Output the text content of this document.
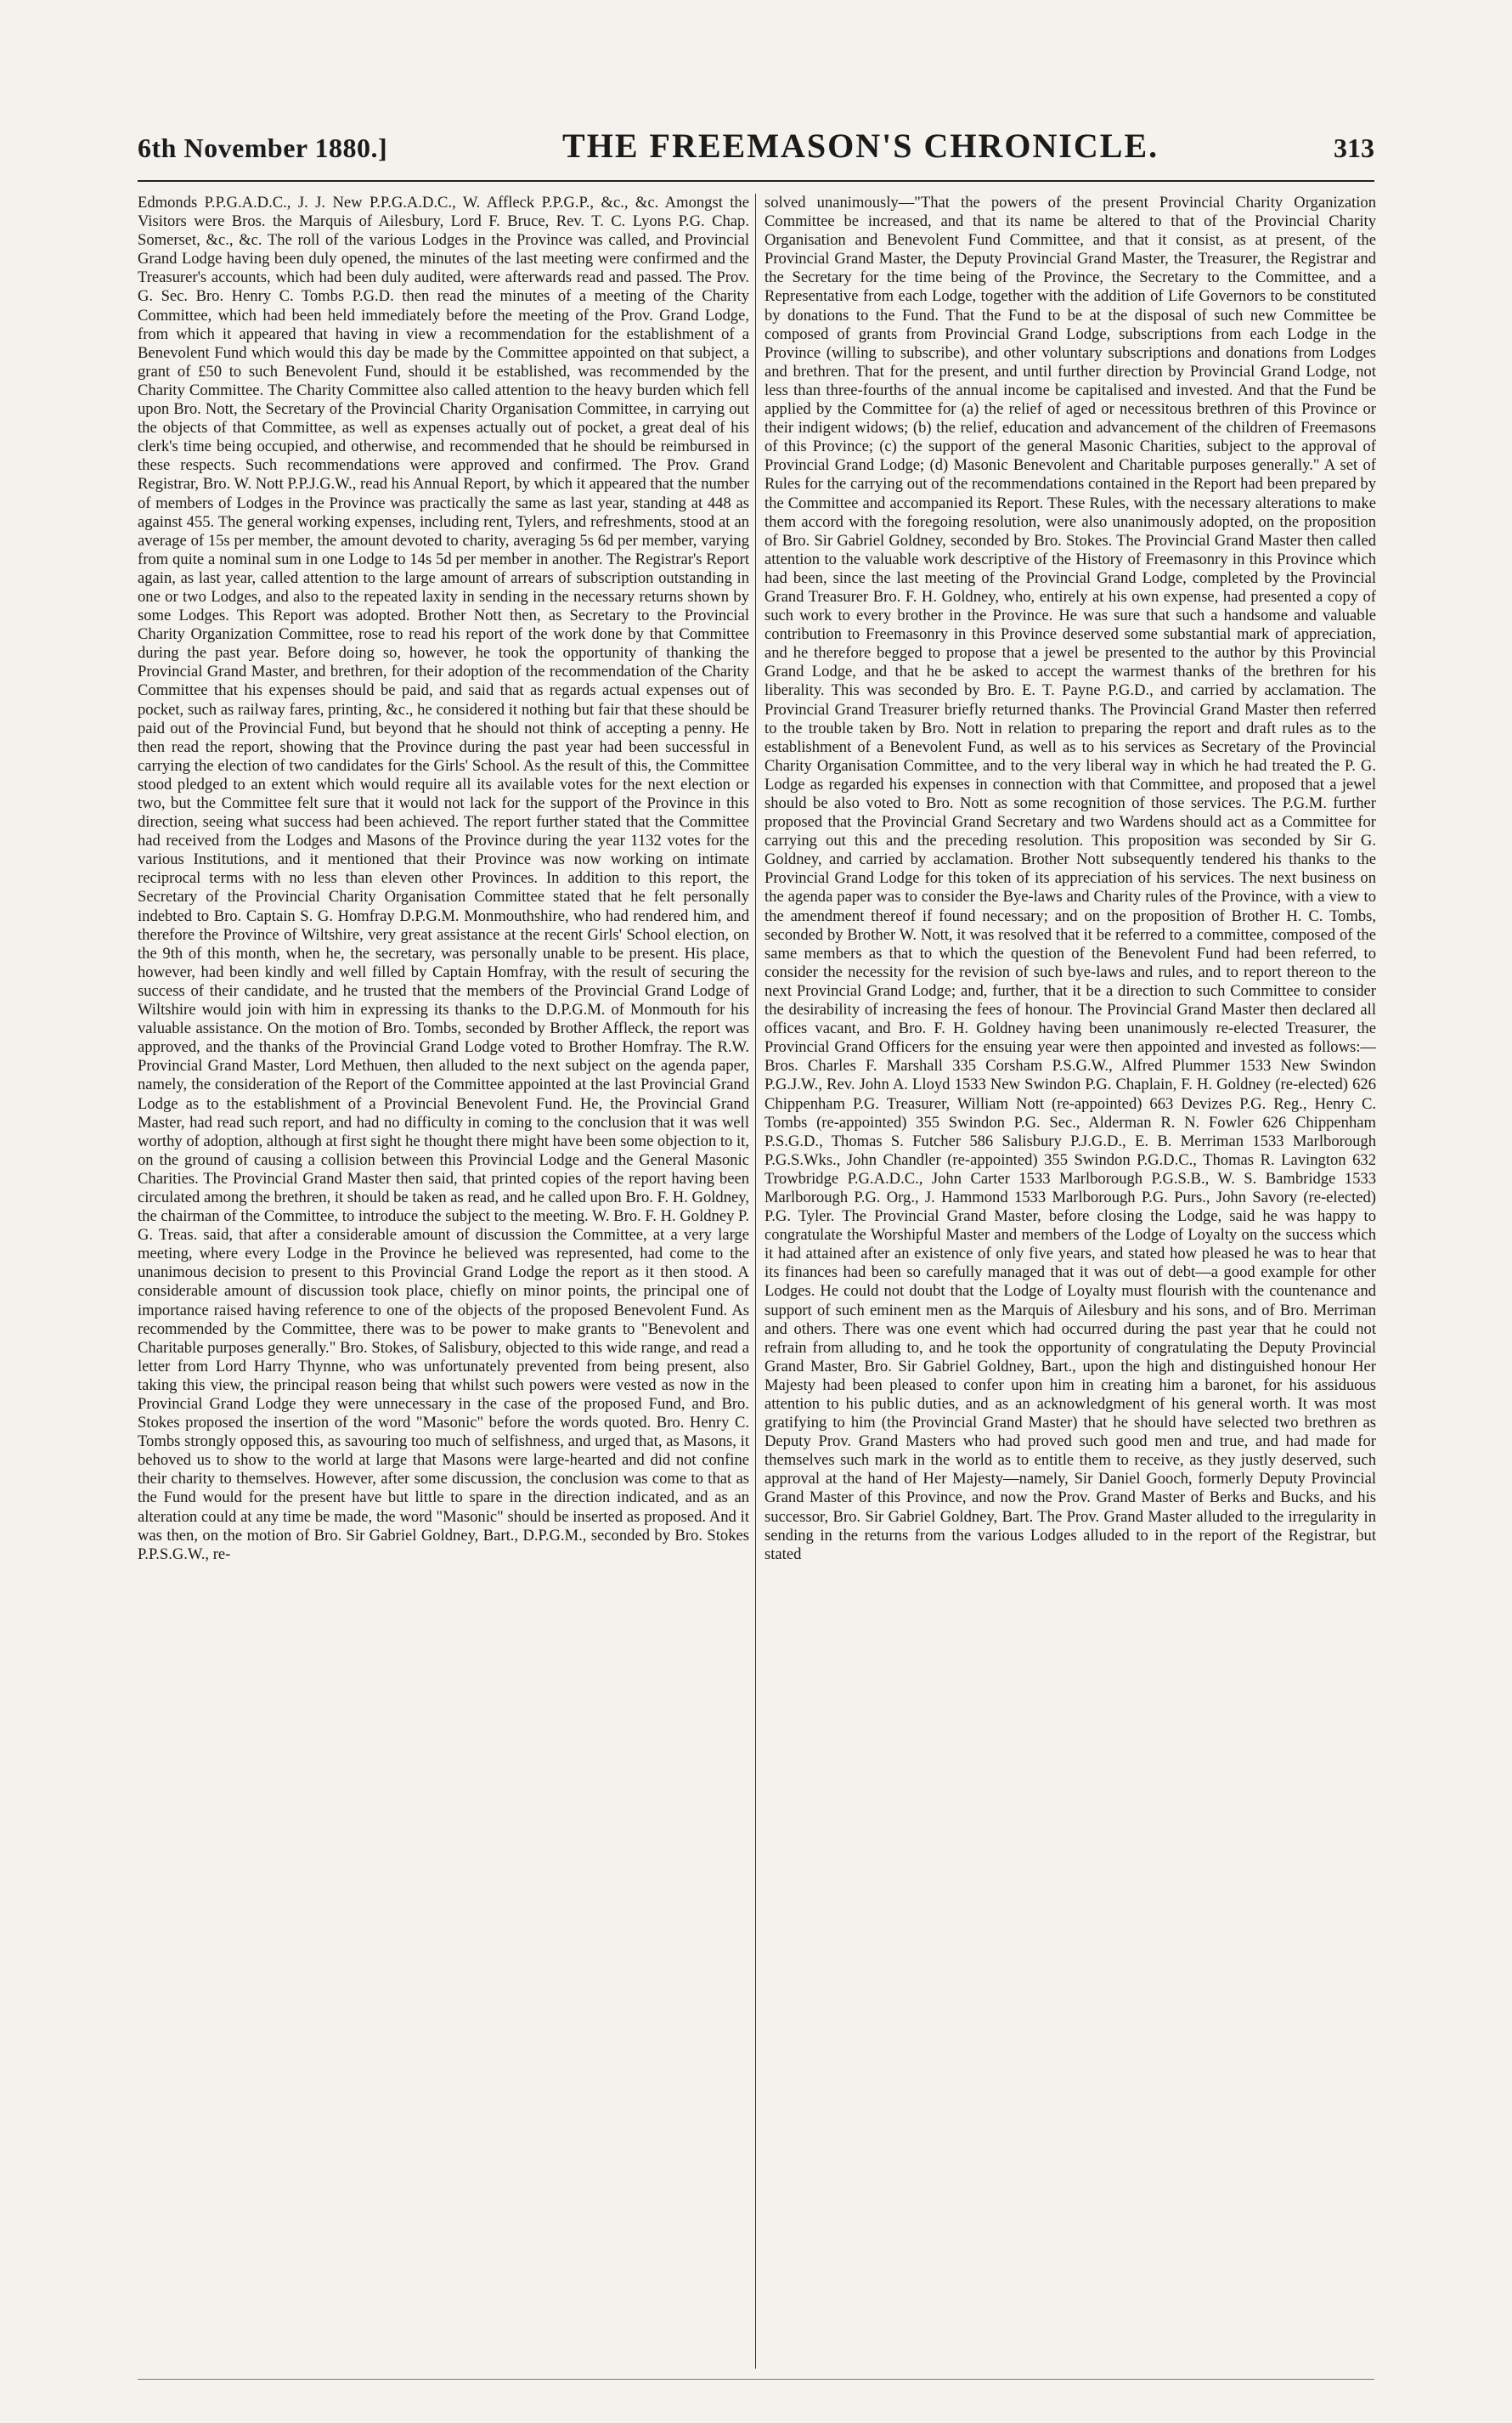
6th November 1880.]	THE FREEMASON'S CHRONICLE.	313

Edmonds P.P.G.A.D.C., J. J. New P.P.G.A.D.C., W. Affleck P.P.G.P., &c., &c. Amongst the Visitors were Bros. the Marquis of Ailesbury, Lord F. Bruce, Rev. T. C. Lyons P.G. Chap. Somerset, &c., &c. The roll of the various Lodges in the Province was called, and Provincial Grand Lodge having been duly opened, the minutes of the last meeting were confirmed and the Treasurer's accounts, which had been duly audited, were afterwards read and passed. The Prov. G. Sec. Bro. Henry C. Tombs P.G.D. then read the minutes of a meeting of the Charity Committee, which had been held immediately before the meeting of the Prov. Grand Lodge, from which it appeared that having in view a recommendation for the establishment of a Benevolent Fund which would this day be made by the Committee appointed on that subject, a grant of £50 to such Benevolent Fund, should it be established, was recommended by the Charity Committee. The Charity Committee also called attention to the heavy burden which fell upon Bro. Nott, the Secretary of the Provincial Charity Organisation Committee, in carrying out the objects of that Committee, as well as expenses actually out of pocket, a great deal of his clerk's time being occupied, and otherwise, and recommended that he should be reimbursed in these respects. Such recommendations were approved and confirmed. The Prov. Grand Registrar, Bro. W. Nott P.P.J.G.W., read his Annual Report, by which it appeared that the number of members of Lodges in the Province was practically the same as last year, standing at 448 as against 455. The general working expenses, including rent, Tylers, and refreshments, stood at an average of 15s per member, the amount devoted to charity, averaging 5s 6d per member, varying from quite a nominal sum in one Lodge to 14s 5d per member in another. The Registrar's Report again, as last year, called attention to the large amount of arrears of subscription outstanding in one or two Lodges, and also to the repeated laxity in sending in the necessary returns shown by some Lodges. This Report was adopted. Brother Nott then, as Secretary to the Provincial Charity Organization Committee, rose to read his report of the work done by that Committee during the past year. Before doing so, however, he took the opportunity of thanking the Provincial Grand Master, and brethren, for their adoption of the recommendation of the Charity Committee that his expenses should be paid, and said that as regards actual expenses out of pocket, such as railway fares, printing, &c., he considered it nothing but fair that these should be paid out of the Provincial Fund, but beyond that he should not think of accepting a penny. He then read the report, showing that the Province during the past year had been successful in carrying the election of two candidates for the Girls' School. As the result of this, the Committee stood pledged to an extent which would require all its available votes for the next election or two, but the Committee felt sure that it would not lack for the support of the Province in this direction, seeing what success had been achieved. The report further stated that the Committee had received from the Lodges and Masons of the Province during the year 1132 votes for the various Institutions, and it mentioned that their Province was now working on intimate reciprocal terms with no less than eleven other Provinces. In addition to this report, the Secretary of the Provincial Charity Organisation Committee stated that he felt personally indebted to Bro. Captain S. G. Homfray D.P.G.M. Monmouthshire, who had rendered him, and therefore the Province of Wiltshire, very great assistance at the recent Girls' School election, on the 9th of this month, when he, the secretary, was personally unable to be present. His place, however, had been kindly and well filled by Captain Homfray, with the result of securing the success of their candidate, and he trusted that the members of the Provincial Grand Lodge of Wiltshire would join with him in expressing its thanks to the D.P.G.M. of Monmouth for his valuable assistance. On the motion of Bro. Tombs, seconded by Brother Affleck, the report was approved, and the thanks of the Provincial Grand Lodge voted to Brother Homfray. The R.W. Provincial Grand Master, Lord Methuen, then alluded to the next subject on the agenda paper, namely, the consideration of the Report of the Committee appointed at the last Provincial Grand Lodge as to the establishment of a Provincial Benevolent Fund. He, the Provincial Grand Master, had read such report, and had no difficulty in coming to the conclusion that it was well worthy of adoption, although at first sight he thought there might have been some objection to it, on the ground of causing a collision between this Provincial Lodge and the General Masonic Charities. The Provincial Grand Master then said, that printed copies of the report having been circulated among the brethren, it should be taken as read, and he called upon Bro. F. H. Goldney, the chairman of the Committee, to introduce the subject to the meeting. W. Bro. F. H. Goldney P. G. Treas. said, that after a considerable amount of discussion the Committee, at a very large meeting, where every Lodge in the Province he believed was represented, had come to the unanimous decision to present to this Provincial Grand Lodge the report as it then stood. A considerable amount of discussion took place, chiefly on minor points, the principal one of importance raised having reference to one of the objects of the proposed Benevolent Fund. As recommended by the Committee, there was to be power to make grants to "Benevolent and Charitable purposes generally." Bro. Stokes, of Salisbury, objected to this wide range, and read a letter from Lord Harry Thynne, who was unfortunately prevented from being present, also taking this view, the principal reason being that whilst such powers were vested as now in the Provincial Grand Lodge they were unnecessary in the case of the proposed Fund, and Bro. Stokes proposed the insertion of the word "Masonic" before the words quoted. Bro. Henry C. Tombs strongly opposed this, as savouring too much of selfishness, and urged that, as Masons, it behoved us to show to the world at large that Masons were large-hearted and did not confine their charity to themselves. However, after some discussion, the conclusion was come to that as the Fund would for the present have but little to spare in the direction indicated, and as an alteration could at any time be made, the word "Masonic" should be inserted as proposed. And it was then, on the motion of Bro. Sir Gabriel Goldney, Bart., D.P.G.M., seconded by Bro. Stokes P.P.S.G.W., re-

solved unanimously—"That the powers of the present Provincial Charity Organization Committee be increased, and that its name be altered to that of the Provincial Charity Organisation and Benevolent Fund Committee, and that it consist, as at present, of the Provincial Grand Master, the Deputy Provincial Grand Master, the Treasurer, the Registrar and the Secretary for the time being of the Province, the Secretary to the Committee, and a Representative from each Lodge, together with the addition of Life Governors to be constituted by donations to the Fund. That the Fund to be at the disposal of such new Committee be composed of grants from Provincial Grand Lodge, subscriptions from each Lodge in the Province (willing to subscribe), and other voluntary subscriptions and donations from Lodges and brethren. That for the present, and until further direction by Provincial Grand Lodge, not less than three-fourths of the annual income be capitalised and invested. And that the Fund be applied by the Committee for (a) the relief of aged or necessitous brethren of this Province or their indigent widows; (b) the relief, education and advancement of the children of Freemasons of this Province; (c) the support of the general Masonic Charities, subject to the approval of Provincial Grand Lodge; (d) Masonic Benevolent and Charitable purposes generally." A set of Rules for the carrying out of the recommendations contained in the Report had been prepared by the Committee and accompanied its Report. These Rules, with the necessary alterations to make them accord with the foregoing resolution, were also unanimously adopted, on the proposition of Bro. Sir Gabriel Goldney, seconded by Bro. Stokes. The Provincial Grand Master then called attention to the valuable work descriptive of the History of Freemasonry in this Province which had been, since the last meeting of the Provincial Grand Lodge, completed by the Provincial Grand Treasurer Bro. F. H. Goldney, who, entirely at his own expense, had presented a copy of such work to every brother in the Province. He was sure that such a handsome and valuable contribution to Freemasonry in this Province deserved some substantial mark of appreciation, and he therefore begged to propose that a jewel be presented to the author by this Provincial Grand Lodge, and that he be asked to accept the warmest thanks of the brethren for his liberality. This was seconded by Bro. E. T. Payne P.G.D., and carried by acclamation. The Provincial Grand Treasurer briefly returned thanks. The Provincial Grand Master then referred to the trouble taken by Bro. Nott in relation to preparing the report and draft rules as to the establishment of a Benevolent Fund, as well as to his services as Secretary of the Provincial Charity Organisation Committee, and to the very liberal way in which he had treated the P. G. Lodge as regarded his expenses in connection with that Committee, and proposed that a jewel should be also voted to Bro. Nott as some recognition of those services. The P.G.M. further proposed that the Provincial Grand Secretary and two Wardens should act as a Committee for carrying out this and the preceding resolution. This proposition was seconded by Sir G. Goldney, and carried by acclamation. Brother Nott subsequently tendered his thanks to the Provincial Grand Lodge for this token of its appreciation of his services. The next business on the agenda paper was to consider the Bye-laws and Charity rules of the Province, with a view to the amendment thereof if found necessary; and on the proposition of Brother H. C. Tombs, seconded by Brother W. Nott, it was resolved that it be referred to a committee, composed of the same members as that to which the question of the Benevolent Fund had been referred, to consider the necessity for the revision of such bye-laws and rules, and to report thereon to the next Provincial Grand Lodge; and, further, that it be a direction to such Committee to consider the desirability of increasing the fees of honour. The Provincial Grand Master then declared all offices vacant, and Bro. F. H. Goldney having been unanimously re-elected Treasurer, the Provincial Grand Officers for the ensuing year were then appointed and invested as follows:—Bros. Charles F. Marshall 335 Corsham P.S.G.W., Alfred Plummer 1533 New Swindon P.G.J.W., Rev. John A. Lloyd 1533 New Swindon P.G. Chaplain, F. H. Goldney (re-elected) 626 Chippenham P.G. Treasurer, William Nott (re-appointed) 663 Devizes P.G. Reg., Henry C. Tombs (re-appointed) 355 Swindon P.G. Sec., Alderman R. N. Fowler 626 Chippenham P.S.G.D., Thomas S. Futcher 586 Salisbury P.J.G.D., E. B. Merriman 1533 Marlborough P.G.S.Wks., John Chandler (re-appointed) 355 Swindon P.G.D.C., Thomas R. Lavington 632 Trowbridge P.G.A.D.C., John Carter 1533 Marlborough P.G.S.B., W. S. Bambridge 1533 Marlborough P.G. Org., J. Hammond 1533 Marlborough P.G. Purs., John Savory (re-elected) P.G. Tyler. The Provincial Grand Master, before closing the Lodge, said he was happy to congratulate the Worshipful Master and members of the Lodge of Loyalty on the success which it had attained after an existence of only five years, and stated how pleased he was to hear that its finances had been so carefully managed that it was out of debt—a good example for other Lodges. He could not doubt that the Lodge of Loyalty must flourish with the countenance and support of such eminent men as the Marquis of Ailesbury and his sons, and of Bro. Merriman and others. There was one event which had occurred during the past year that he could not refrain from alluding to, and he took the opportunity of congratulating the Deputy Provincial Grand Master, Bro. Sir Gabriel Goldney, Bart., upon the high and distinguished honour Her Majesty had been pleased to confer upon him in creating him a baronet, for his assiduous attention to his public duties, and as an acknowledgment of his general worth. It was most gratifying to him (the Provincial Grand Master) that he should have selected two brethren as Deputy Prov. Grand Masters who had proved such good men and true, and had made for themselves such mark in the world as to entitle them to receive, as they justly deserved, such approval at the hand of Her Majesty—namely, Sir Daniel Gooch, formerly Deputy Provincial Grand Master of this Province, and now the Prov. Grand Master of Berks and Bucks, and his successor, Bro. Sir Gabriel Goldney, Bart. The Prov. Grand Master alluded to the irregularity in sending in the returns from the various Lodges alluded to in the report of the Registrar, but stated
